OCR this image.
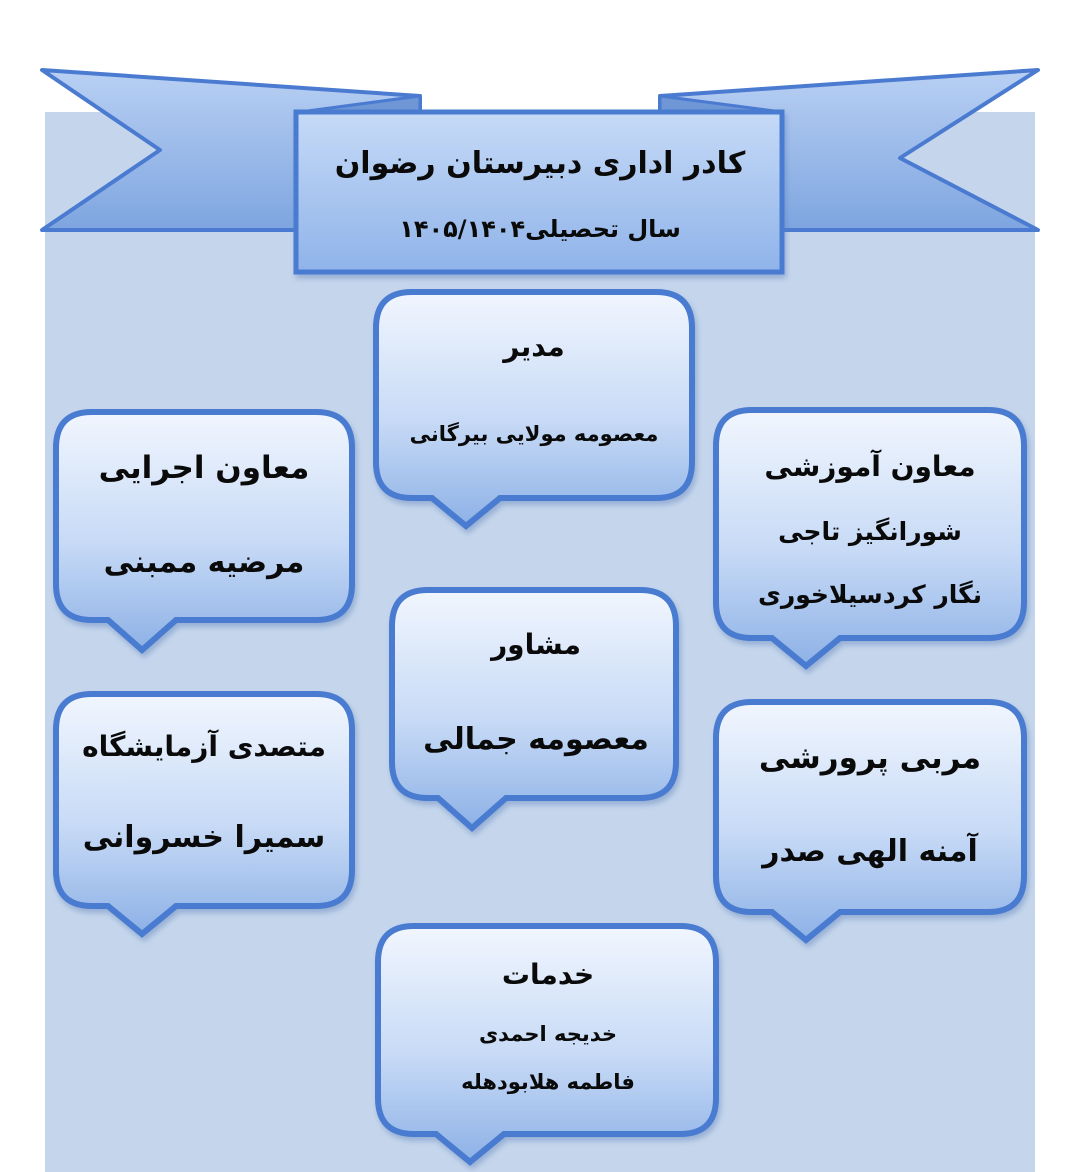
کادر اداری دبیرستان رضوان
سال تحصیلی۱۴۰۵/۱۴۰۴
مدیر
معصومه مولایی بیرگانی
معاون اجرایی
مرضیه ممبنی
معاون آموزشی
شورانگیز تاجی
نگار کردسیلاخوری
مشاور
معصومه جمالی
متصدی آزمایشگاه
سمیرا خسروانی
مربی پرورشی
آمنه الهی صدر
خدمات
خدیجه احمدی
فاطمه هلابودهله
